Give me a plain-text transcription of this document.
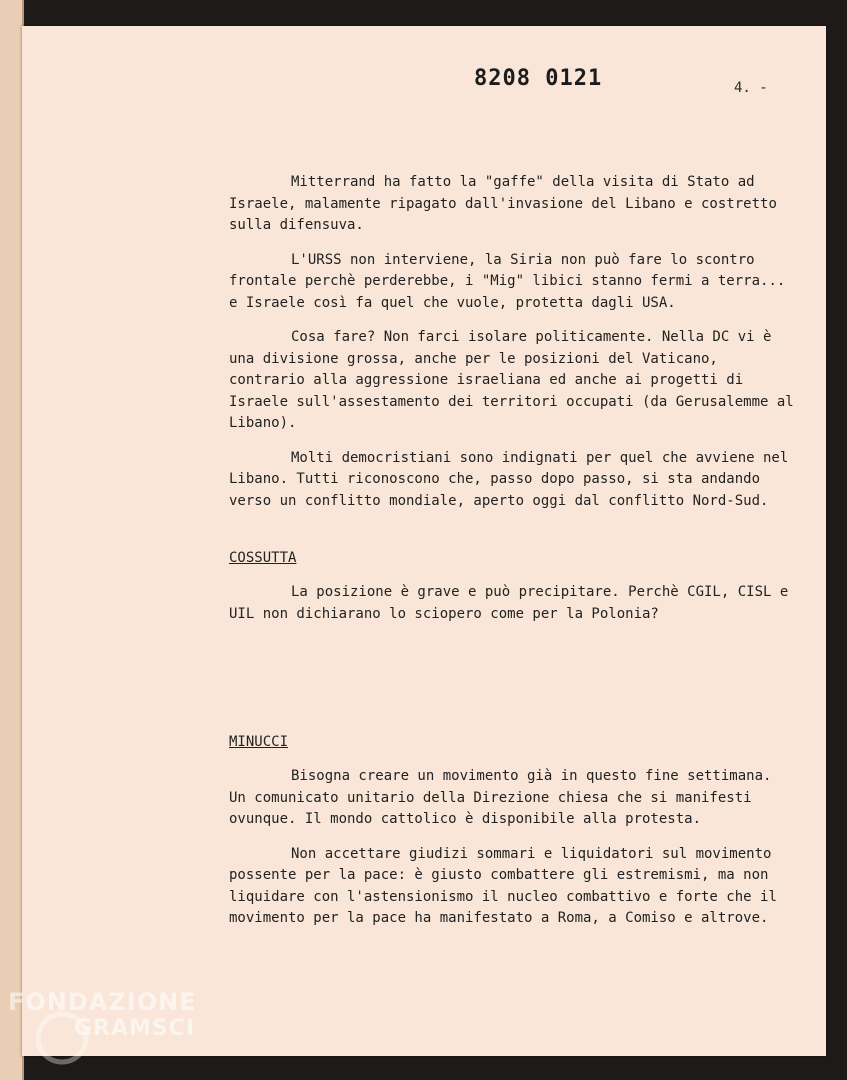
8208 0121	4. -

Mitterrand ha fatto la "gaffe" della visita di Stato ad Israele, malamente ripagato dall'invasione del Libano e costretto sulla difensuva.

L'URSS non interviene, la Siria non può fare lo scontro frontale perchè perderebbe, i "Mig" libici stanno fermi a terra... e Israele così fa quel che vuole, protetta dagli USA.

Cosa fare? Non farci isolare politicamente. Nella DC vi è una divisione grossa, anche per le posizioni del Vaticano, contrario alla aggressione israeliana ed anche ai progetti di Israele sull'assestamento dei territori occupati (da Gerusalemme al Libano).

Molti democristiani sono indignati per quel che avviene nel Libano. Tutti riconoscono che, passo dopo passo, si sta andando verso un conflitto mondiale, aperto oggi dal conflitto Nord-Sud.

COSSUTTA

La posizione è grave e può precipitare. Perchè CGIL, CISL e UIL non dichiarano lo sciopero come per la Polonia?

MINUCCI

Bisogna creare un movimento già in questo fine settimana. Un comunicato unitario della Direzione chiesa che si manifesti ovunque. Il mondo cattolico è disponibile alla protesta.

Non accettare giudizi sommari e liquidatori sul movimento possente per la pace: è giusto combattere gli estremismi, ma non liquidare con l'astensionismo il nucleo combattivo e forte che il movimento per la pace ha manifestato a Roma, a Comiso e altrove.

FONDAZIONE
GRAMSCI
